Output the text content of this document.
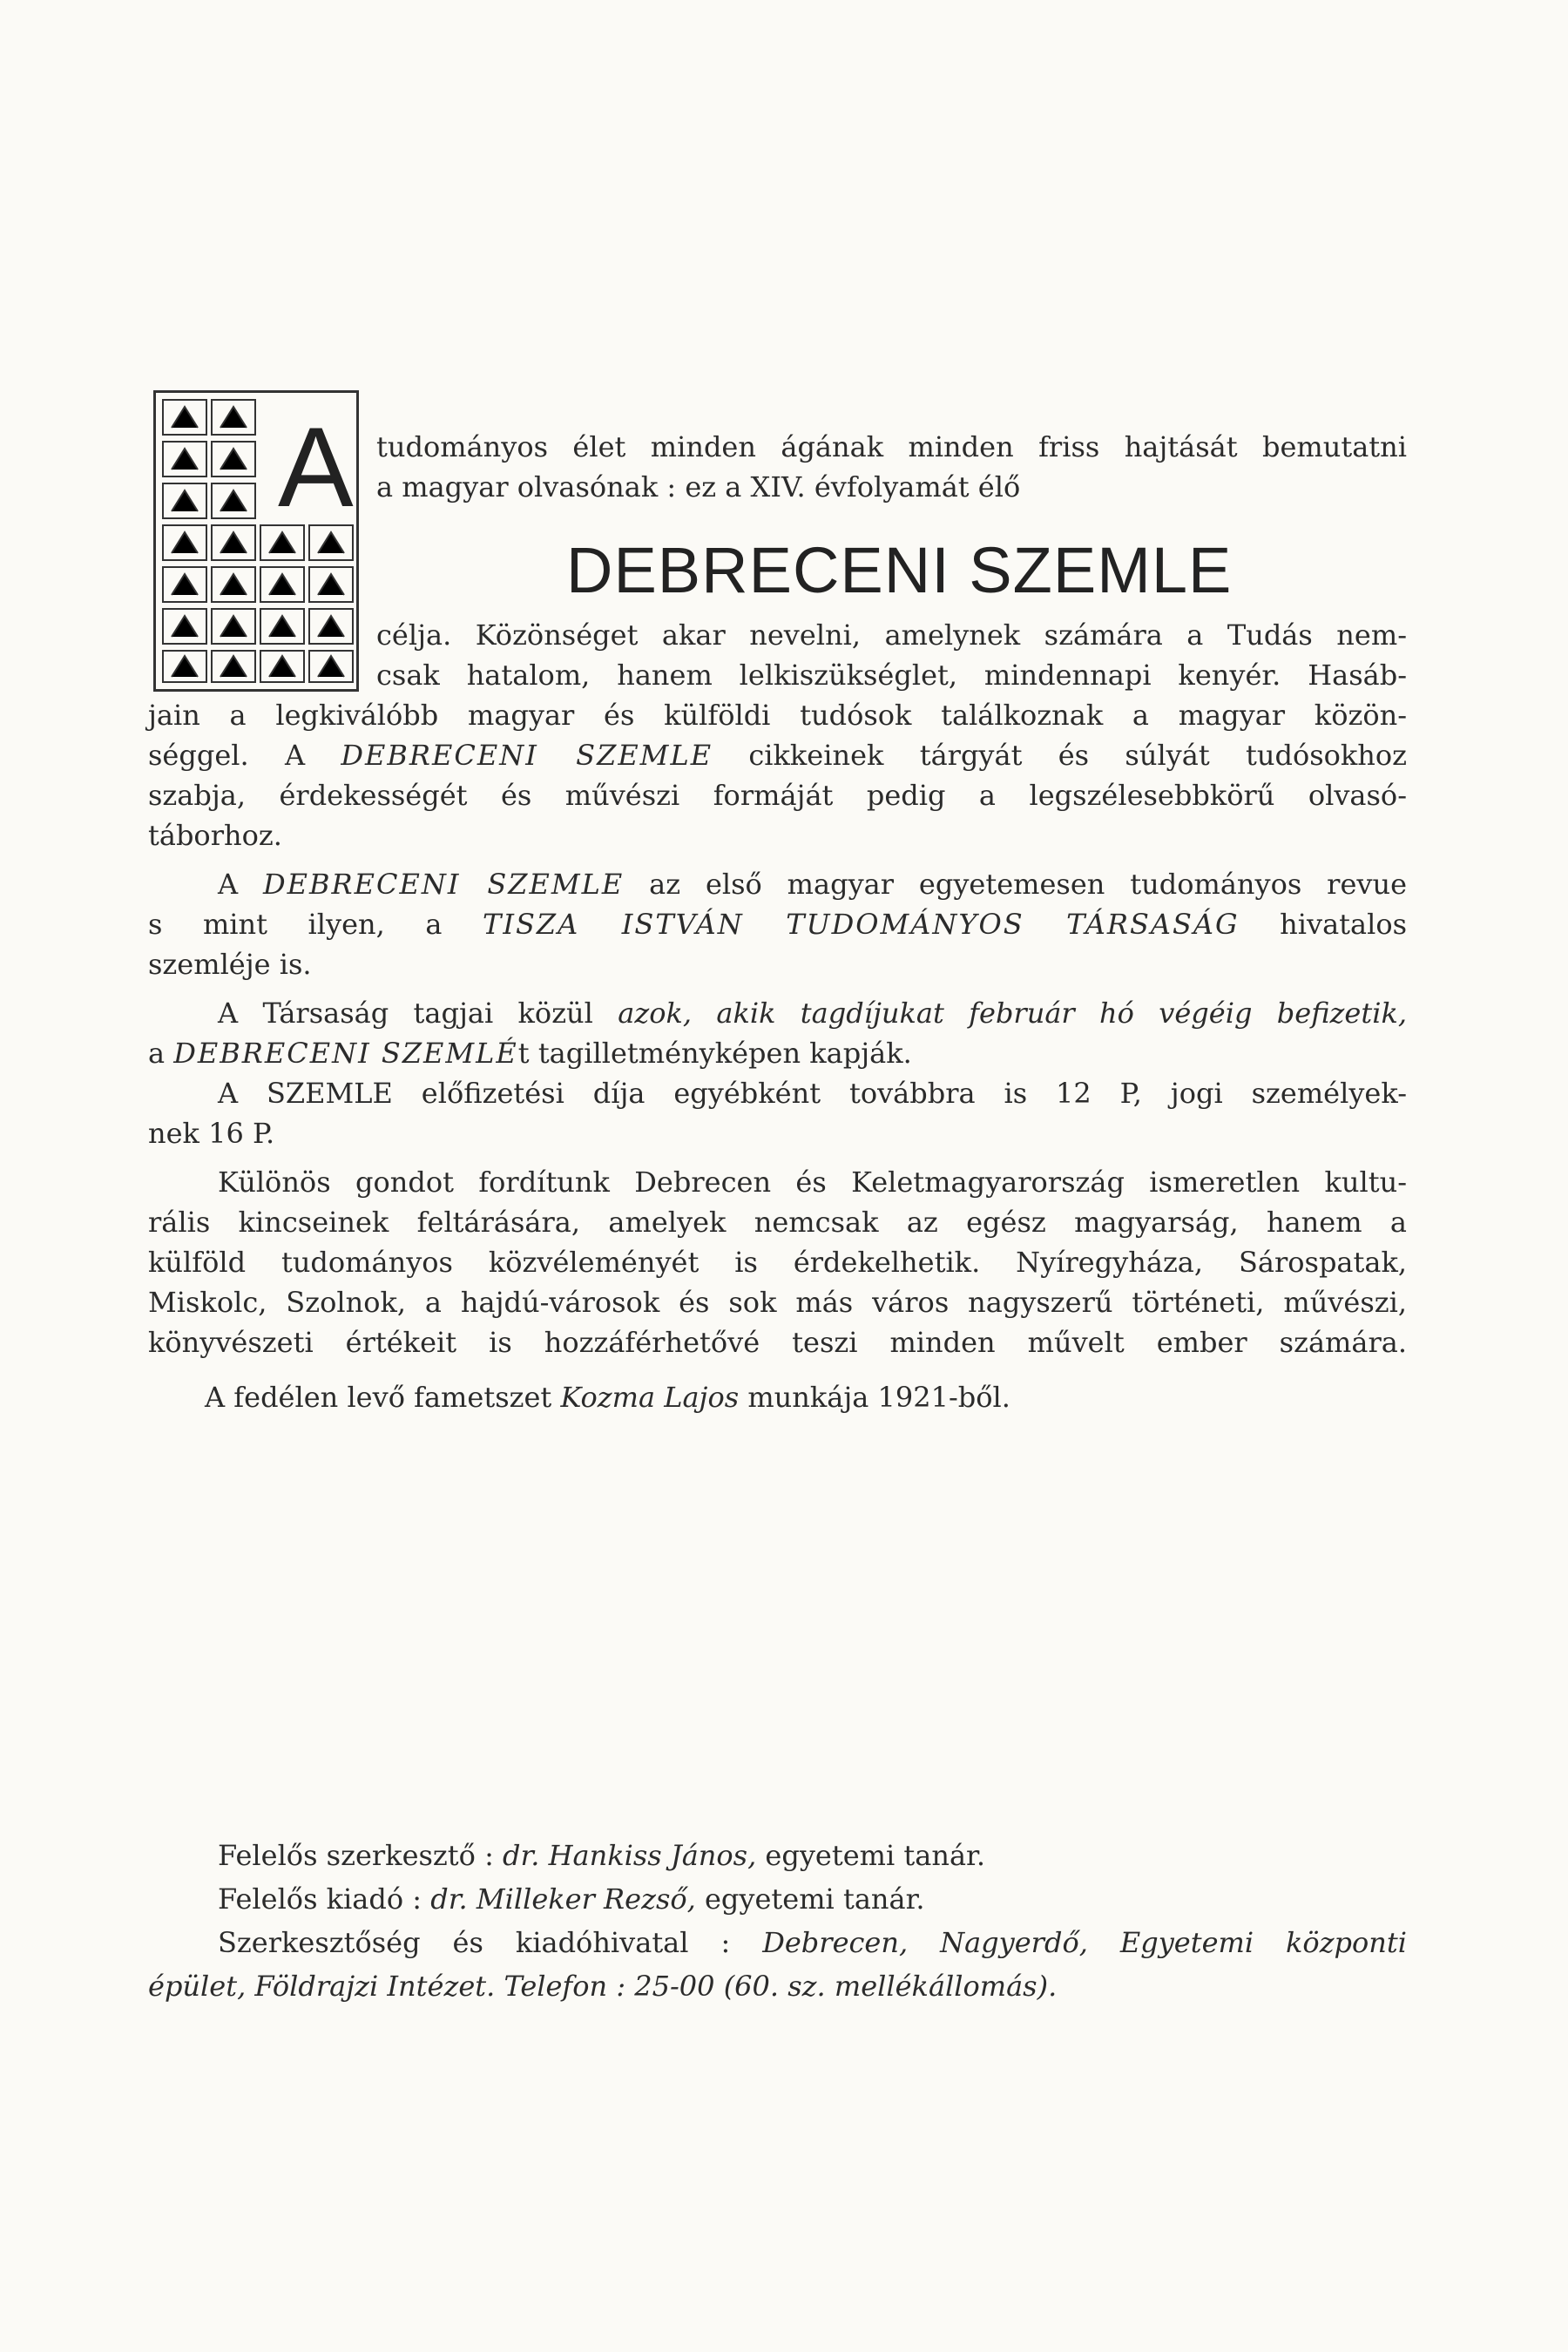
A tudományos élet minden ágának minden friss hajtását bemutatni

a magyar olvasónak : ez a XIV. évfolyamát élő

DEBRECENI SZEMLE

célja. Közönséget akar nevelni, amelynek számára a Tudás nem-

csak hatalom, hanem lelkiszükséglet, mindennapi kenyér. Hasáb-

jain a legkiválóbb magyar és külföldi tudósok találkoznak a magyar közön-

séggel. A DEBRECENI SZEMLE cikkeinek tárgyát és súlyát tudósokhoz

szabja, érdekességét és művészi formáját pedig a legszélesebbkörű olvasó-

táborhoz.

A DEBRECENI SZEMLE az első magyar egyetemesen tudományos revue

s mint ilyen, a TISZA ISTVÁN TUDOMÁNYOS TÁRSASÁG hivatalos

szemléje is.

A Társaság tagjai közül azok, akik tagdíjukat február hó végéig befizetik,

a DEBRECENI SZEMLÉt tagilletményképen kapják.

A SZEMLE előfizetési díja egyébként továbbra is 12 P, jogi személyek-

nek 16 P.

Különös gondot fordítunk Debrecen és Keletmagyarország ismeretlen kultu-

rális kincseinek feltárására, amelyek nemcsak az egész magyarság, hanem a

külföld tudományos közvéleményét is érdekelhetik. Nyíregyháza, Sárospatak,

Miskolc, Szolnok, a hajdú-városok és sok más város nagyszerű történeti, művészi,

könyvészeti értékeit is hozzáférhetővé teszi minden művelt ember számára.

A fedélen levő fametszet Kozma Lajos munkája 1921-ből.

Felelős szerkesztő : dr. Hankiss János, egyetemi tanár.

Felelős kiadó : dr. Milleker Rezső, egyetemi tanár.

Szerkesztőség és kiadóhivatal : Debrecen, Nagyerdő, Egyetemi központi

épület, Földrajzi Intézet. Telefon : 25-00 (60. sz. mellékállomás).
